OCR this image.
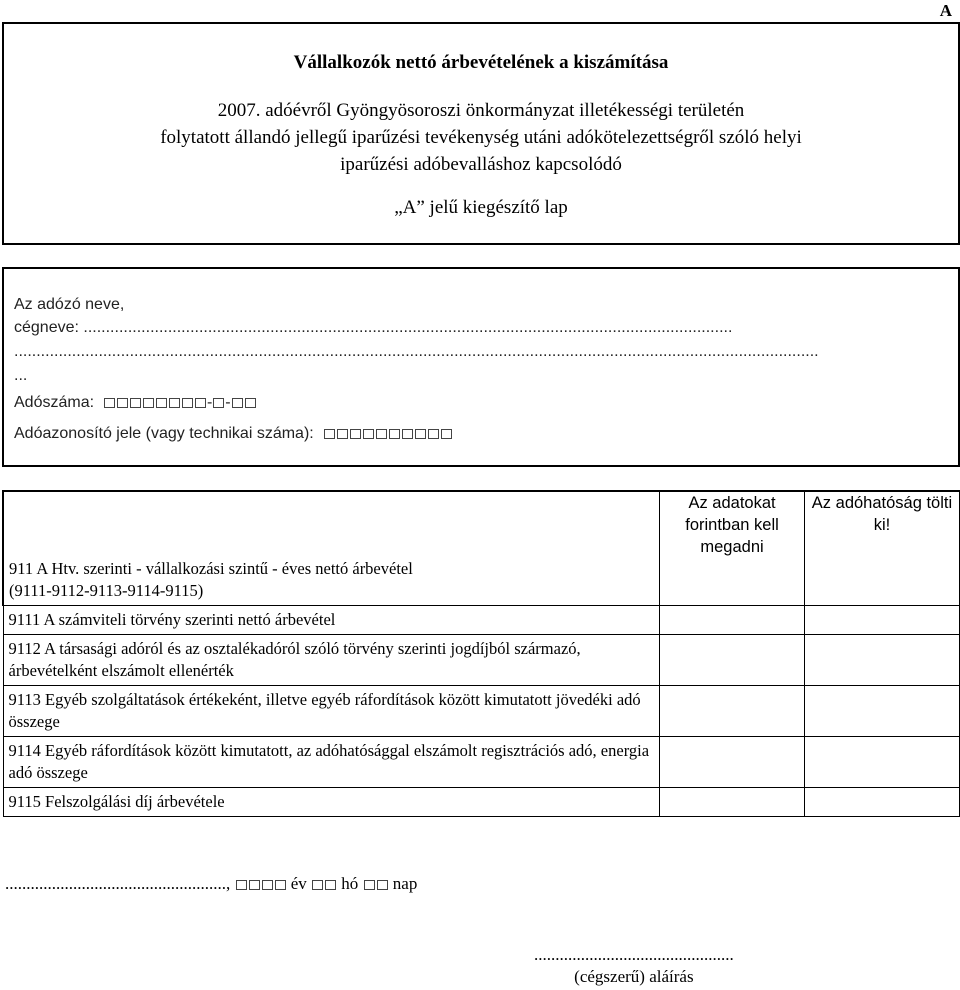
A
Vállalkozók nettó árbevételének a kiszámítása
2007. adóévről Gyöngyösoroszi önkormányzat illetékességi területén
folytatott állandó jellegű iparűzési tevékenység utáni adókötelezettségről szóló helyi
iparűzési adóbevalláshoz kapcsolódó
„A” jelű kiegészítő lap
Az adózó neve,
cégneve: ..................................................................................................................................................
.....................................................................................................................................................................................
...
Adószáma:	- -
Adóazonosító jele (vagy technikai száma):
911 A Htv. szerinti - vállalkozási szintű - éves nettó árbevétel
(9111-9112-9113-9114-9115)	Az adatokat forintban kell megadni	Az adóhatóság tölti ki!
9111 A számviteli törvény szerinti nettó árbevétel		
9112 A társasági adóról és az osztalékadóról szóló törvény szerinti jogdíjból származó, árbevételként elszámolt ellenérték		
9113 Egyéb szolgáltatások értékeként, illetve egyéb ráfordítások között kimutatott jövedéki adó összege		
9114 Egyéb ráfordítások között kimutatott, az adóhatósággal elszámolt regisztrációs adó, energia adó összege		
9115 Felszolgálási díj árbevétele		
....................................................,	év hó nap
...............................................
(cégszerű) aláírás
